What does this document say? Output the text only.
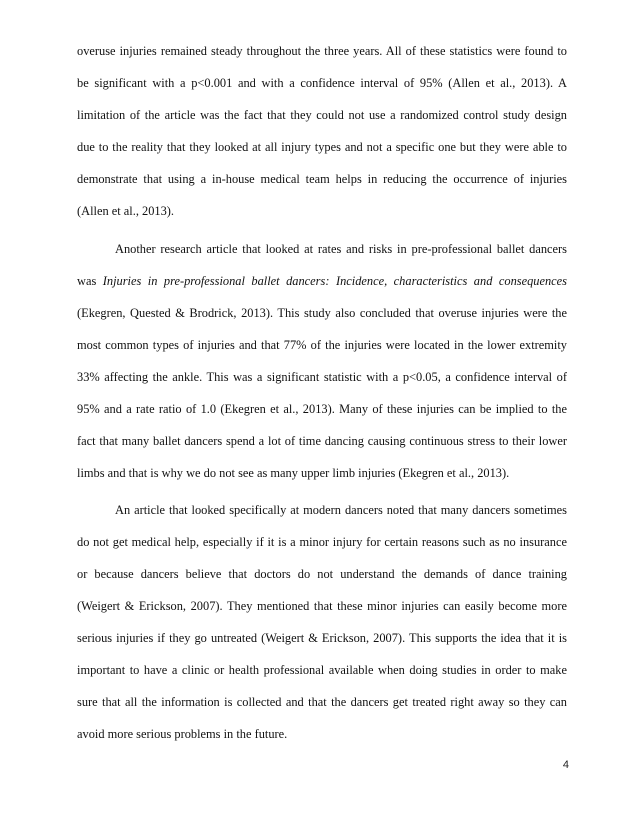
overuse injuries remained steady throughout the three years. All of these statistics were found to
be significant with a p<0.001 and with a confidence interval of 95% (Allen et al., 2013). A
limitation of the article was the fact that they could not use a randomized control study design
due to the reality that they looked at all injury types and not a specific one but they were able to
demonstrate that using a in-house medical team helps in reducing the occurrence of injuries
(Allen et al., 2013).
Another research article that looked at rates and risks in pre-professional ballet dancers
was Injuries in pre-professional ballet dancers: Incidence, characteristics and consequences
(Ekegren, Quested & Brodrick, 2013). This study also concluded that overuse injuries were the
most common types of injuries and that 77% of the injuries were located in the lower extremity
33% affecting the ankle. This was a significant statistic with a p<0.05, a confidence interval of
95% and a rate ratio of 1.0 (Ekegren et al., 2013). Many of these injuries can be implied to the
fact that many ballet dancers spend a lot of time dancing causing continuous stress to their lower
limbs and that is why we do not see as many upper limb injuries (Ekegren et al., 2013).
An article that looked specifically at modern dancers noted that many dancers sometimes
do not get medical help, especially if it is a minor injury for certain reasons such as no insurance
or because dancers believe that doctors do not understand the demands of dance training
(Weigert & Erickson, 2007). They mentioned that these minor injuries can easily become more
serious injuries if they go untreated (Weigert & Erickson, 2007). This supports the idea that it is
important to have a clinic or health professional available when doing studies in order to make
sure that all the information is collected and that the dancers get treated right away so they can
avoid more serious problems in the future.
4
